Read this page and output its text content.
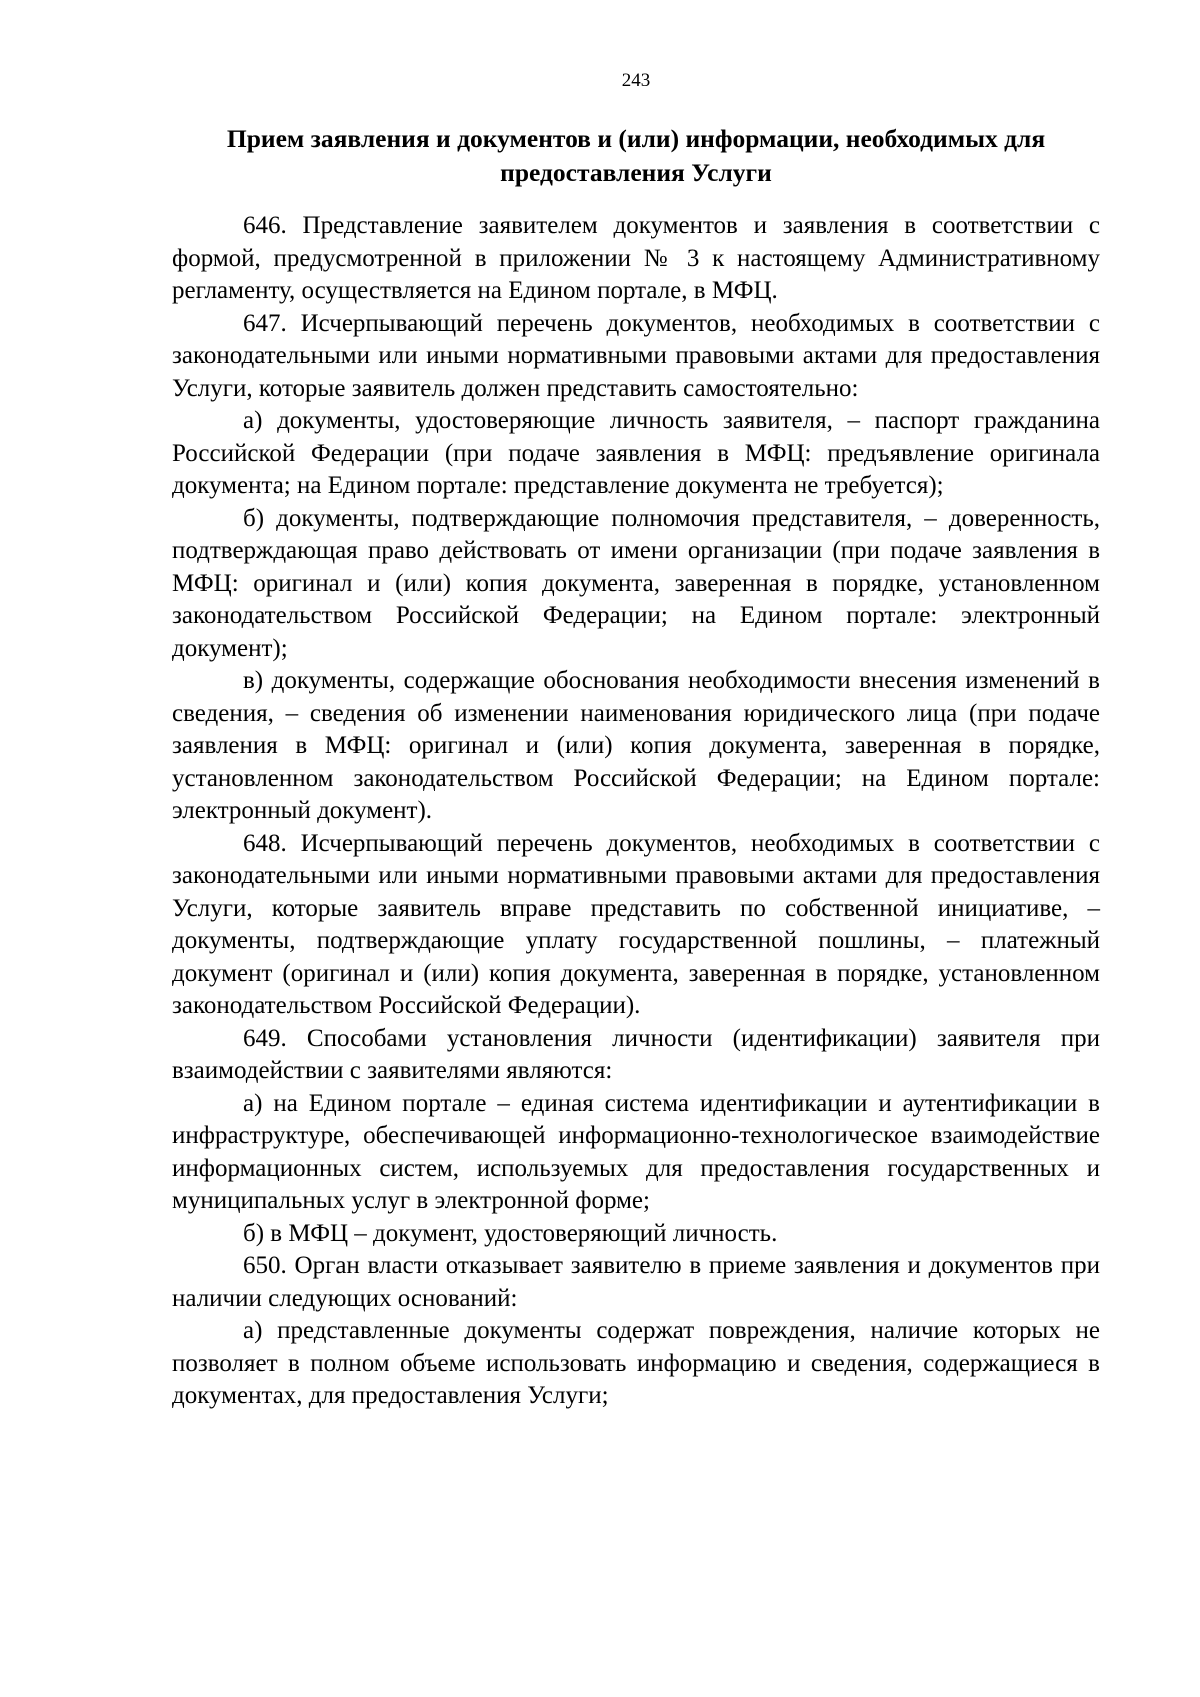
243
Прием заявления и документов и (или) информации, необходимых для предоставления Услуги

646. Представление заявителем документов и заявления в соответствии с формой, предусмотренной в приложении № 3 к настоящему Административному регламенту, осуществляется на Едином портале, в МФЦ.

647. Исчерпывающий перечень документов, необходимых в соответствии с законодательными или иными нормативными правовыми актами для предоставления Услуги, которые заявитель должен представить самостоятельно:

а) документы, удостоверяющие личность заявителя, – паспорт гражданина Российской Федерации (при подаче заявления в МФЦ: предъявление оригинала документа; на Едином портале: представление документа не требуется);

б) документы, подтверждающие полномочия представителя, – доверенность, подтверждающая право действовать от имени организации (при подаче заявления в МФЦ: оригинал и (или) копия документа, заверенная в порядке, установленном законодательством Российской Федерации; на Едином портале: электронный документ);

в) документы, содержащие обоснования необходимости внесения изменений в сведения, – сведения об изменении наименования юридического лица (при подаче заявления в МФЦ: оригинал и (или) копия документа, заверенная в порядке, установленном законодательством Российской Федерации; на Едином портале: электронный документ).

648. Исчерпывающий перечень документов, необходимых в соответствии с законодательными или иными нормативными правовыми актами для предоставления Услуги, которые заявитель вправе представить по собственной инициативе, – документы, подтверждающие уплату государственной пошлины, – платежный документ (оригинал и (или) копия документа, заверенная в порядке, установленном законодательством Российской Федерации).

649. Способами установления личности (идентификации) заявителя при взаимодействии с заявителями являются:

а) на Едином портале – единая система идентификации и аутентификации в инфраструктуре, обеспечивающей информационно-технологическое взаимодействие информационных систем, используемых для предоставления государственных и муниципальных услуг в электронной форме;

б) в МФЦ – документ, удостоверяющий личность.

650. Орган власти отказывает заявителю в приеме заявления и документов при наличии следующих оснований:

а) представленные документы содержат повреждения, наличие которых не позволяет в полном объеме использовать информацию и сведения, содержащиеся в документах, для предоставления Услуги;
